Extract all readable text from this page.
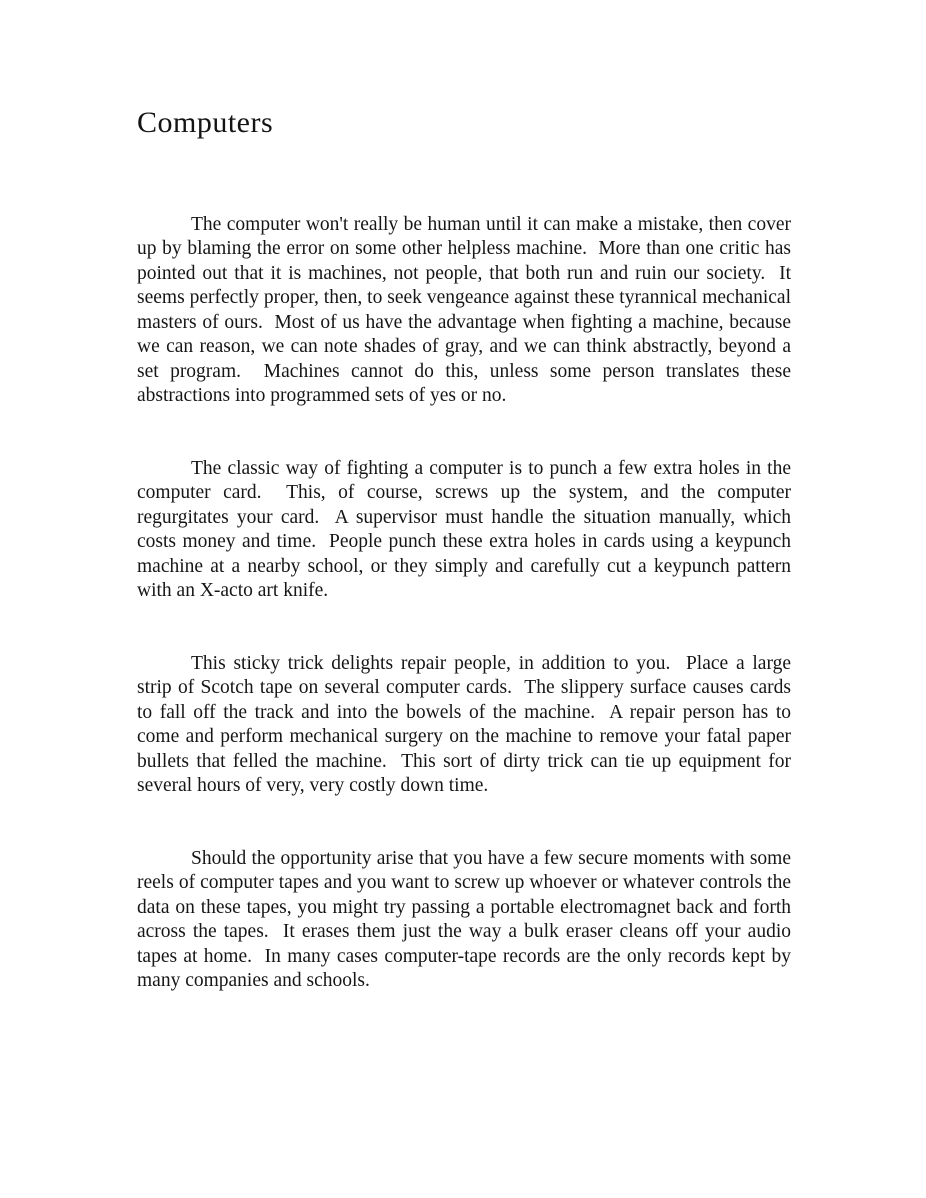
Computers

The computer won't really be human until it can make a mistake, then cover up by blaming the error on some other helpless machine.  More than one critic has pointed out that it is machines, not people, that both run and ruin our society.  It seems perfectly proper, then, to seek vengeance against these tyrannical mechanical masters of ours.  Most of us have the advantage when fighting a machine, because we can reason, we can note shades of gray, and we can think abstractly, beyond a set program.  Machines cannot do this, unless some person translates these abstractions into programmed sets of yes or no.

The classic way of fighting a computer is to punch a few extra holes in the computer card.  This, of course, screws up the system, and the computer regurgitates your card.  A supervisor must handle the situation manually, which costs money and time.  People punch these extra holes in cards using a keypunch machine at a nearby school, or they simply and carefully cut a keypunch pattern with an X-acto art knife.

This sticky trick delights repair people, in addition to you.  Place a large strip of Scotch tape on several computer cards.  The slippery surface causes cards to fall off the track and into the bowels of the machine.  A repair person has to come and perform mechanical surgery on the machine to remove your fatal paper bullets that felled the machine.  This sort of dirty trick can tie up equipment for several hours of very, very costly down time.

Should the opportunity arise that you have a few secure moments with some reels of computer tapes and you want to screw up whoever or whatever controls the data on these tapes, you might try passing a portable electromagnet back and forth across the tapes.  It erases them just the way a bulk eraser cleans off your audio tapes at home.  In many cases computer-tape records are the only records kept by many companies and schools.
